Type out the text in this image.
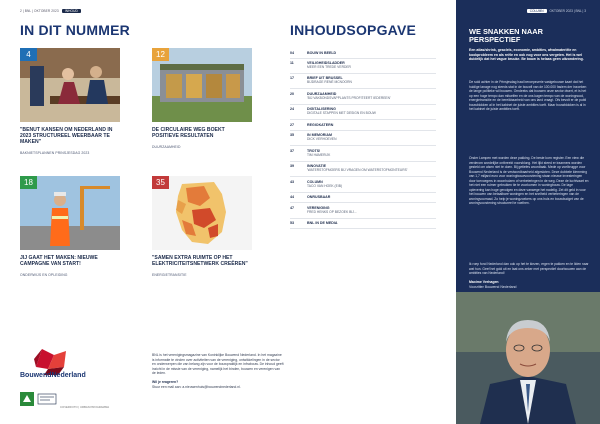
2 | BNL | OKTOBER 2023 INHOUD
IN DIT NUMMER
4
"BENUT KANSEN OM NEDERLAND IN 2023 STRUCTUREEL WEERBAAR TE MAKEN"
BAKNIETSPLANNEN PRINSJESDAG 2023
12
DE CIRCULAIRE WEG BOEKT POSITIEVE RESULTATEN
DUURZAAMHEID
18
JIJ GAAT HET MAKEN: NIEUWE CAMPAGNE VAN START!
ONDERWIJS EN OPLEIDING
35
"SAMEN EXTRA RUIMTE OP HET ELEKTRICITEITSNETWERK CREËREN"
ENERGIETRANSITIE
BouwendNederland
COVERFOTO | URBAN PROGRAMMA
BNL is het verenigingsmagazine van Koninklijke Bouwend Nederland. In het magazine is informatie te vinden over activiteiten van de vereniging, ontwikkelingen in de sector en onderwerpen die van belang zijn voor de bouwpraktijk en infrabouw. De inhoud geeft inzicht in de missie van de vereniging, namelijk het binden, bouwen en verenigen van de leden.
Wil je reageren?
Stuur een mail aan: a.nieuwenhuis@bouwendnederland.nl.
INHOUDSOPGAVE
04	BOUW IN BEELD
11	VEILIGHEIDSLADDER
MEER EEN TREDE VERDER
17	BRIEF UIT BRUSSEL
BIJDRAGE RENÉ MCNOORN
20	DUURZAAMHEID
'BIJ VAKBONDSVAPPLANTS PROFITEERT IEDEREEN'
24	DIGITALISERING
DIGITALE STAPPEN MET DESIGN EN BOUW
27	REGIOKATERN
35	IN MEMORIAM
DICK VERHOEVEN
37	TROTS!
TIM HAMERIJK
39	INNOVATIE
'WATERSTOFMOERS BIJ VRAGEN OM WATERSTOFMONTEURS'
43	COLUMN
TACO VAN HOEK (EIB)
44	ONRUSBAAR
47	VERENIGING
FRED HENKS OP BEZOEK BIJ...
53	BNL IN DE MEDIA
COLUMN OKTOBER 2023 | BNL | 3
WE SNAKKEN NAAR PERSPECTIEF
Een atlas/shrink, geaclels, economie, ambities, afvalmateriële en kookprobleem en als reële en ook nog voor ons vergeten. Het is wel duidelijk dat het vague bruuke. Be bouw is helaas geen uitzondering.
De sold achter in de Prinsjesdag haal beroepsverie vastgebouwe kaart dat het huidige lanage nog steeds stat in de bouwfl van de 100.000 fasiem der inzoeken de lange politieke wil bouwen. Omdeeks dat bouwen onze sector dwert, et is het op een hoge tempo dan mituelfen en de ons kagen tempo van de woningnood, energietransitie en de bereikbaarheid van ons land vraagt. Ofs bevolt er de publi bouwblokken al in het kabinet de juiste ambities toeft. Maar bouwblokken is al in het kabinet de juiste ambities toeft.
Onder Lampen met worden deze pakking. De beste korn register. Een view die verderom wordelijke ontbreekt voorsblong. Het lijkt steed er iraanners worden gesteld om alsen niet te doen. Bij getiefes woordtaak. Mede op voelbrugge voor Bouwend Nederland is de vestwordbaarheid afgesloten. Deze dubbele klemming van 1,7 miljard euro voor woningbouwvoorziening staan nieuwe investeringen door toevoegers in woonhuizen of verbeteringen in de weg. Deze de luchtvaart en het niet een ruimer gebruiken tie te voorkomen in woningbouw. De lage oplevering kan hoge gevolgen en deze vanwege het nadelig. Zet dit geld in voor het bouwen van betaalbare woningen en het snelheid verbeteringen van de woningvoorraad. Zo help je woningzoekers op ons huis en bouwbudget van de woningvoorziening structureel te voelhen.
Ik roep fond Nederland dan ook op het te kiezen, ergen te pakken en te liden naar wat hun. Geef het gold uit en laat ons zeker met perspectief doorbouwen aan de ambities van Nederland!
Maxime Verhagen
Voorzitter Bouwend Nederland
